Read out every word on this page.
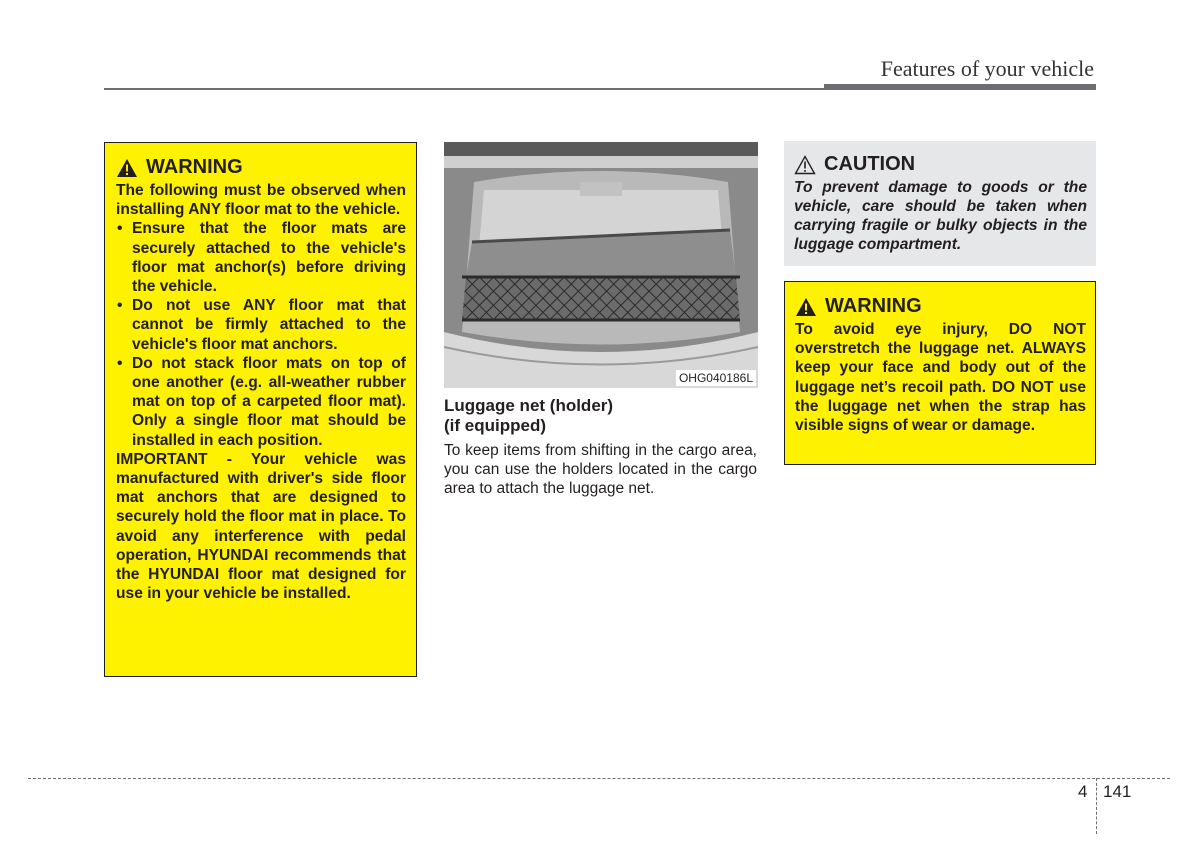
Features of your vehicle
WARNING

The following must be observed when installing ANY floor mat to the vehicle.

• Ensure that the floor mats are securely attached to the vehicle's floor mat anchor(s) before driving the vehicle.
• Do not use ANY floor mat that cannot be firmly attached to the vehicle's floor mat anchors.
• Do not stack floor mats on top of one another (e.g. all-weather rubber mat on top of a carpeted floor mat). Only a single floor mat should be installed in each position.

IMPORTANT - Your vehicle was manufactured with driver's side floor mat anchors that are designed to securely hold the floor mat in place. To avoid any interference with pedal operation, HYUNDAI recommends that the HYUNDAI floor mat designed for use in your vehicle be installed.

OHG040186L
Luggage net (holder)
(if equipped)
To keep items from shifting in the cargo area, you can use the holders located in the cargo area to attach the luggage net.
CAUTION
To prevent damage to goods or the vehicle, care should be taken when carrying fragile or bulky objects in the luggage compartment.
WARNING

To avoid eye injury, DO NOT overstretch the luggage net. ALWAYS keep your face and body out of the luggage net’s recoil path. DO NOT use the luggage net when the strap has visible signs of wear or damage.

4 141
